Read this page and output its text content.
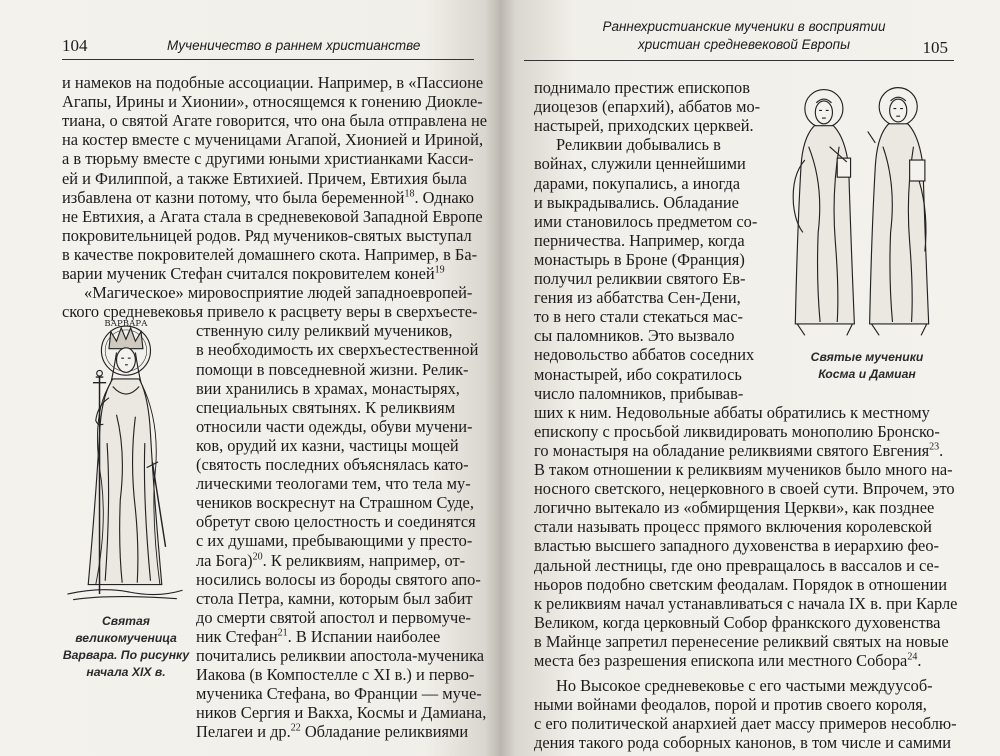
104	Мученичество в раннем христианстве
и намеков на подобные ассоциации. Например, в «Пассионе
Агапы, Ирины и Хионии», относящемся к гонению Диокле-
тиана, о святой Агате говорится, что она была отправлена не
на костер вместе с мученицами Агапой, Хионией и Ириной,
а в тюрьму вместе с другими юными христианками Касси-
ей и Филиппой, а также Евтихией. Причем, Евтихия была
избавлена от казни потому, что была беременной$^{18}$. Однако
не Евтихия, а Агата стала в средневековой Западной Европе
покровительницей родов. Ряд мучеников-святых выступал
в качестве покровителей домашнего скота. Например, в Ба-
варии мученик Стефан считался покровителем коней$^{19}$
«Магическое» мировосприятие людей западноевропей-
ского средневековья привело к расцвету веры в сверхъесте-
ственную силу реликвий мучеников,
в необходимость их сверхъестественной
помощи в повседневной жизни. Релик-
вии хранились в храмах, монастырях,
специальных святынях. К реликвиям
относили части одежды, обуви мучени-
ков, орудий их казни, частицы мощей
(святость последних объяснялась като-
лическими теологами тем, что тела му-
чеников воскреснут на Страшном Суде,
обретут свою целостность и соединятся
с их душами, пребывающими у престо-
ла Бога)$^{20}$. К реликвиям, например, от-
носились волосы из бороды святого апо-
стола Петра, камни, которым был забит
до смерти святой апостол и первомуче-
ник Стефан$^{21}$. В Испании наиболее
ВАРВАРА
Святая
великомученица
Варвара. По рисунку
начала XIX в.
почитались реликвии апостола-мученика
Иакова (в Компостелле с XI в.) и перво-
мученика Стефана, во Франции — муче-
ников Сергия и Вакха, Космы и Дамиана,
Пелагеи и др.$^{22}$ Обладание реликвиями
Раннехристианские мученики в восприятии
христиан средневековой Европы	105
поднимало престиж епископов
диоцезов (епархий), аббатов мо-
настырей, приходских церквей.
Реликвии добывались в
войнах, служили ценнейшими
дарами, покупались, а иногда
и выкрадывались. Обладание
ими становилось предметом со-
перничества. Например, когда
монастырь в Броне (Франция)
получил реликвии святого Ев-
гения из аббатства Сен-Дени,
то в него стали стекаться мас-
сы паломников. Это вызвало
недовольство аббатов соседних
монастырей, ибо сократилось
число паломников, прибывав-
ших к ним. Недовольные аббаты обратились к местному
епископу с просьбой ликвидировать монополию Бронско-
го монастыря на обладание реликвиями святого Евгения$^{23}$.
В таком отношении к реликвиям мучеников было много на-
носного светского, нецерковного в своей сути. Впрочем, это
логично вытекало из «обмирщения Церкви», как позднее
стали называть процесс прямого включения королевской
властью высшего западного духовенства в иерархию фео-
дальной лестницы, где оно превращалось в вассалов и се-
ньоров подобно светским феодалам. Порядок в отношении
к реликвиям начал устанавливаться с начала IX в. при Карле
Великом, когда церковный Собор франкского духовенства
Святые мученики
Косма и Дамиан
в Майнце запретил перенесение реликвий святых на новые
места без разрешения епископа или местного Собора$^{24}$.
Но Высокое средневековье с его частыми междуусоб-
ными войнами феодалов, порой и против своего короля,
с его политической анархией дает массу примеров несоблю-
дения такого рода соборных канонов, в том числе и самими
